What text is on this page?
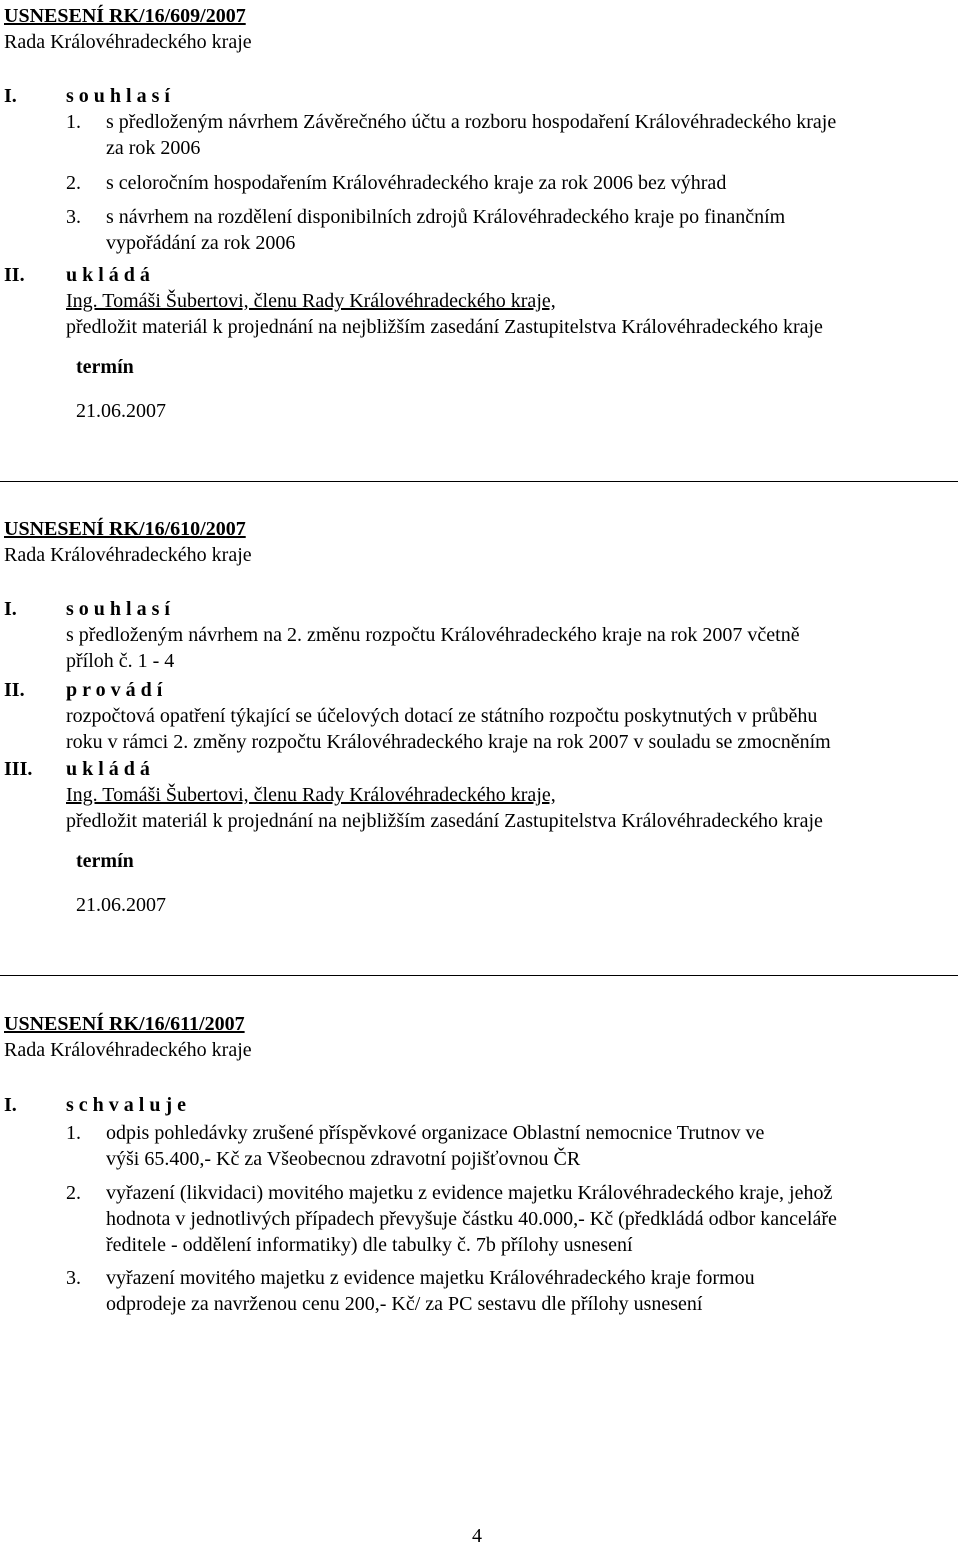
USNESENÍ RK/16/609/2007
Rada Královéhradeckého kraje
I. souhlasí
1. s předloženým návrhem Závěrečného účtu a rozboru hospodaření Královéhradeckého kraje
za rok 2006
2. s celoročním hospodařením Královéhradeckého kraje za rok 2006 bez výhrad
3. s návrhem na rozdělení disponibilních zdrojů Královéhradeckého kraje po finančním
vypořádání za rok 2006
II. ukládá
Ing. Tomáši Šubertovi, členu Rady Královéhradeckého kraje,
předložit materiál k projednání na nejbližším zasedání Zastupitelstva Královéhradeckého kraje
termín
21.06.2007
USNESENÍ RK/16/610/2007
Rada Královéhradeckého kraje
I. souhlasí
s předloženým návrhem na 2. změnu rozpočtu Královéhradeckého kraje na rok 2007 včetně
příloh č. 1 - 4
II. provádí
rozpočtová opatření týkající se účelových dotací ze státního rozpočtu poskytnutých v průběhu
roku v rámci 2. změny rozpočtu Královéhradeckého kraje na rok 2007 v souladu se zmocněním
III. ukládá
Ing. Tomáši Šubertovi, členu Rady Královéhradeckého kraje,
předložit materiál k projednání na nejbližším zasedání Zastupitelstva Královéhradeckého kraje
termín
21.06.2007
USNESENÍ RK/16/611/2007
Rada Královéhradeckého kraje
I. schvaluje
1. odpis pohledávky zrušené příspěvkové organizace Oblastní nemocnice Trutnov ve
výši 65.400,- Kč za Všeobecnou zdravotní pojišťovnou ČR
2. vyřazení (likvidaci) movitého majetku z evidence majetku Královéhradeckého kraje, jehož
hodnota v jednotlivých případech převyšuje částku 40.000,- Kč (předkládá odbor kanceláře
ředitele - oddělení informatiky) dle tabulky č. 7b přílohy usnesení
3. vyřazení movitého majetku z evidence majetku Královéhradeckého kraje formou
odprodeje za navrženou cenu 200,- Kč/ za PC sestavu dle přílohy usnesení
4
